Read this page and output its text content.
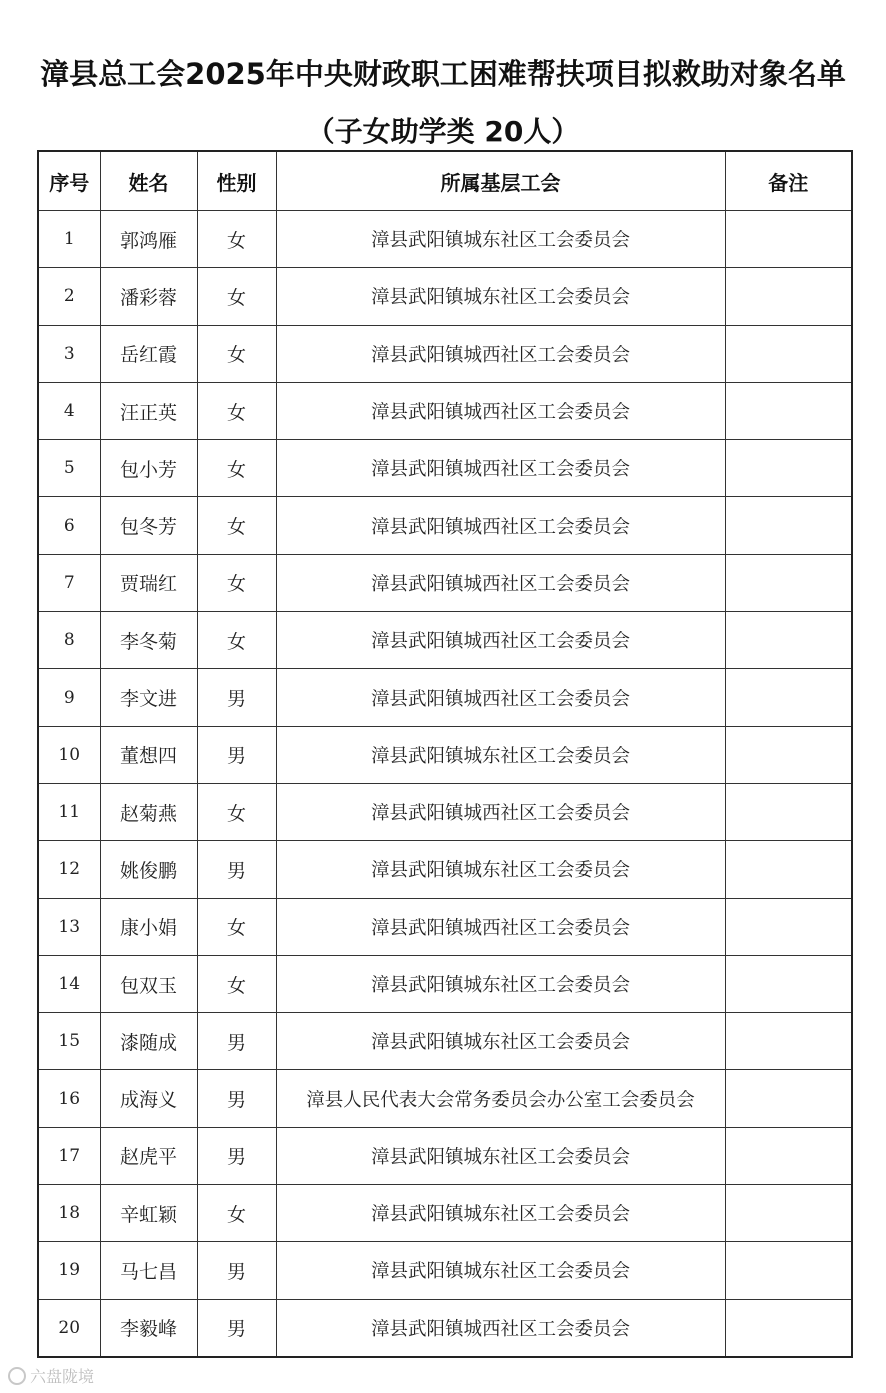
漳县总工会2025年中央财政职工困难帮扶项目拟救助对象名单
（子女助学类 20人）
序号	姓名	性别	所属基层工会	备注
1	郭鸿雁	女	漳县武阳镇城东社区工会委员会	
2	潘彩蓉	女	漳县武阳镇城东社区工会委员会	
3	岳红霞	女	漳县武阳镇城西社区工会委员会	
4	汪正英	女	漳县武阳镇城西社区工会委员会	
5	包小芳	女	漳县武阳镇城西社区工会委员会	
6	包冬芳	女	漳县武阳镇城西社区工会委员会	
7	贾瑞红	女	漳县武阳镇城西社区工会委员会	
8	李冬菊	女	漳县武阳镇城西社区工会委员会	
9	李文进	男	漳县武阳镇城西社区工会委员会	
10	董想四	男	漳县武阳镇城东社区工会委员会	
11	赵菊燕	女	漳县武阳镇城西社区工会委员会	
12	姚俊鹏	男	漳县武阳镇城东社区工会委员会	
13	康小娟	女	漳县武阳镇城西社区工会委员会	
14	包双玉	女	漳县武阳镇城东社区工会委员会	
15	漆随成	男	漳县武阳镇城东社区工会委员会	
16	成海义	男	漳县人民代表大会常务委员会办公室工会委员会	
17	赵虎平	男	漳县武阳镇城东社区工会委员会	
18	辛虹颖	女	漳县武阳镇城东社区工会委员会	
19	马七昌	男	漳县武阳镇城东社区工会委员会	
20	李毅峰	男	漳县武阳镇城西社区工会委员会	
六盘陇境
